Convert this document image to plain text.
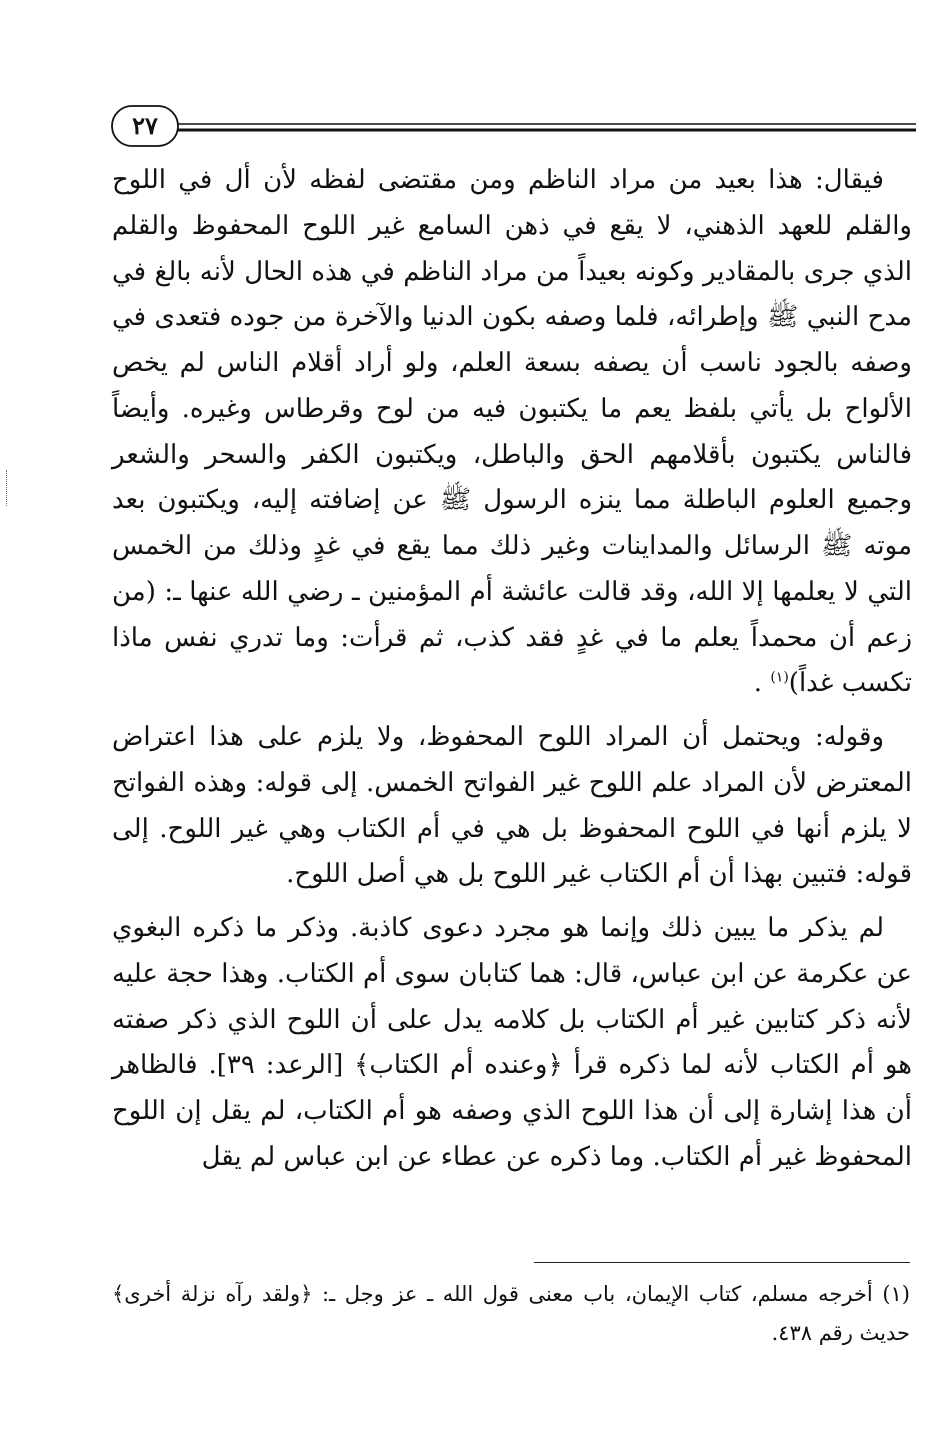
٢٧

فيقال: هذا بعيد من مراد الناظم ومن مقتضى لفظه لأن أل في اللوح والقلم للعهد الذهني، لا يقع في ذهن السامع غير اللوح المحفوظ والقلم الذي جرى بالمقادير وكونه بعيداً من مراد الناظم في هذه الحال لأنه بالغ في مدح النبي ﷺ وإطرائه، فلما وصفه بكون الدنيا والآخرة من جوده فتعدى في وصفه بالجود ناسب أن يصفه بسعة العلم، ولو أراد أقلام الناس لم يخص الألواح بل يأتي بلفظ يعم ما يكتبون فيه من لوح وقرطاس وغيره. وأيضاً فالناس يكتبون بأقلامهم الحق والباطل، ويكتبون الكفر والسحر والشعر وجميع العلوم الباطلة مما ينزه الرسول ﷺ عن إضافته إليه، ويكتبون بعد موته ﷺ الرسائل والمداينات وغير ذلك مما يقع في غدٍ وذلك من الخمس التي لا يعلمها إلا الله، وقد قالت عائشة أم المؤمنين ـ رضي الله عنها ـ: (من زعم أن محمداً يعلم ما في غدٍ فقد كذب، ثم قرأت: وما تدري نفس ماذا تكسب غداً)$^{(١)}$ .

وقوله: ويحتمل أن المراد اللوح المحفوظ، ولا يلزم على هذا اعتراض المعترض لأن المراد علم اللوح غير الفواتح الخمس. إلى قوله: وهذه الفواتح لا يلزم أنها في اللوح المحفوظ بل هي في أم الكتاب وهي غير اللوح. إلى قوله: فتبين بهذا أن أم الكتاب غير اللوح بل هي أصل اللوح.

لم يذكر ما يبين ذلك وإنما هو مجرد دعوى كاذبة. وذكر ما ذكره البغوي عن عكرمة عن ابن عباس، قال: هما كتابان سوى أم الكتاب. وهذا حجة عليه لأنه ذكر كتابين غير أم الكتاب بل كلامه يدل على أن اللوح الذي ذكر صفته هو أم الكتاب لأنه لما ذكره قرأ ﴿وعنده أم الكتاب﴾ [الرعد: ٣٩]. فالظاهر أن هذا إشارة إلى أن هذا اللوح الذي وصفه هو أم الكتاب، لم يقل إن اللوح المحفوظ غير أم الكتاب. وما ذكره عن عطاء عن ابن عباس لم يقل

(١) أخرجه مسلم، كتاب الإيمان، باب معنى قول الله ـ عز وجل ـ: ﴿ولقد رآه نزلة أخرى﴾ حديث رقم ٤٣٨.
